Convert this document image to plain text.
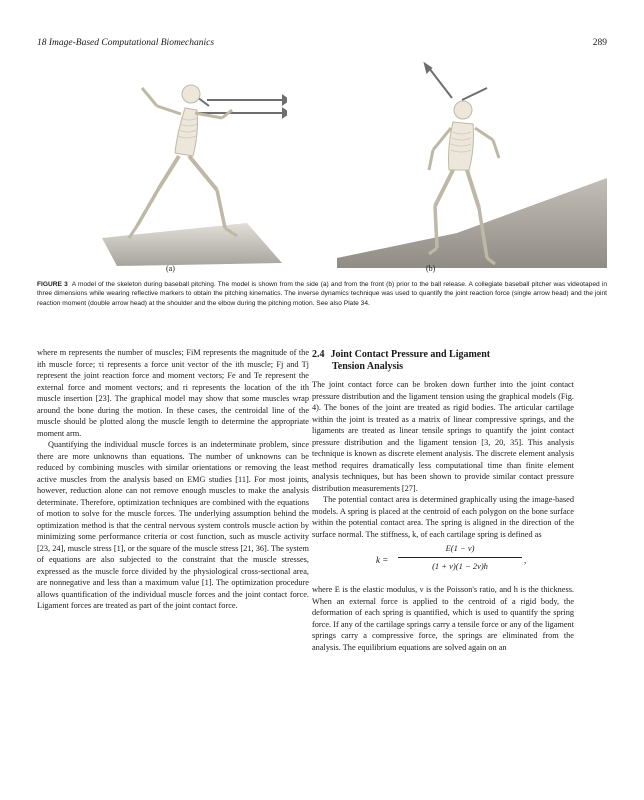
18 Image-Based Computational Biomechanics	289
(a)	(b)
FIGURE 3 A model of the skeleton during baseball pitching. The model is shown from the side (a) and from the front (b) prior to the ball release. A collegiate baseball pitcher was videotaped in three dimensions while wearing reflective markers to obtain the pitching kinematics. The inverse dynamics technique was used to quantify the joint reaction force (single arrow head) and the joint reaction moment (double arrow head) at the shoulder and the elbow during the pitching motion. See also Plate 34.

where m represents the number of muscles; FiM represents the magnitude of the ith muscle force; τi represents a force unit vector of the ith muscle; Fj and Tj represent the joint reaction force and moment vectors; Fe and Te represent the external force and moment vectors; and ri represents the location of the ith muscle insertion [23]. The graphical model may show that some muscles wrap around the bone during the motion. In these cases, the centroidal line of the muscle should be plotted along the muscle length to determine the appropriate moment arm.

Quantifying the individual muscle forces is an indeterminate problem, since there are more unknowns than equations. The number of unknowns can be reduced by combining muscles with similar orientations or removing the least active muscles from the analysis based on EMG studies [11]. For most joints, however, reduction alone can not remove enough muscles to make the analysis determinate. Therefore, optimization techniques are combined with the equations of motion to solve for the muscle forces. The underlying assumption behind the optimization method is that the central nervous system controls muscle action by minimizing some performance criteria or cost function, such as muscle activity [23, 24], muscle stress [1], or the square of the muscle stress [21, 36]. The system of equations are also subjected to the constraint that the muscle stresses, expressed as the muscle force divided by the physiological cross-sectional area, are nonnegative and less than a maximum value [1]. The optimization procedure allows quantification of the individual muscle forces and the joint contact force. Ligament forces are treated as part of the joint contact force.

2.4 Joint Contact Pressure and Ligament
Tension Analysis

The joint contact force can be broken down further into the joint contact pressure distribution and the ligament tension using the graphical models (Fig. 4). The bones of the joint are treated as rigid bodies. The articular cartilage within the joint is treated as a matrix of linear compressive springs, and the ligaments are treated as linear tensile springs to quantify the joint contact pressure distribution and the ligament tension [3, 20, 35]. This analysis technique is known as discrete element analysis. The discrete element analysis method requires dramatically less computational time than finite element analysis techniques, but has been shown to provide similar contact pressure distribution measurements [27].

The potential contact area is determined graphically using the image-based models. A spring is placed at the centroid of each polygon on the bone surface within the potential contact area. The spring is aligned in the direction of the surface normal. The stiffness, k, of each cartilage spring is defined as

k =
E(1 − ν)
(1 + ν)(1 − 2ν)h
,

where E is the elastic modulus, ν is the Poisson's ratio, and h is the thickness. When an external force is applied to the centroid of a rigid body, the deformation of each spring is quantified, which is used to quantify the spring force. If any of the cartilage springs carry a tensile force or any of the ligament springs carry a compressive force, the springs are eliminated from the analysis. The equilibrium equations are solved again on an
